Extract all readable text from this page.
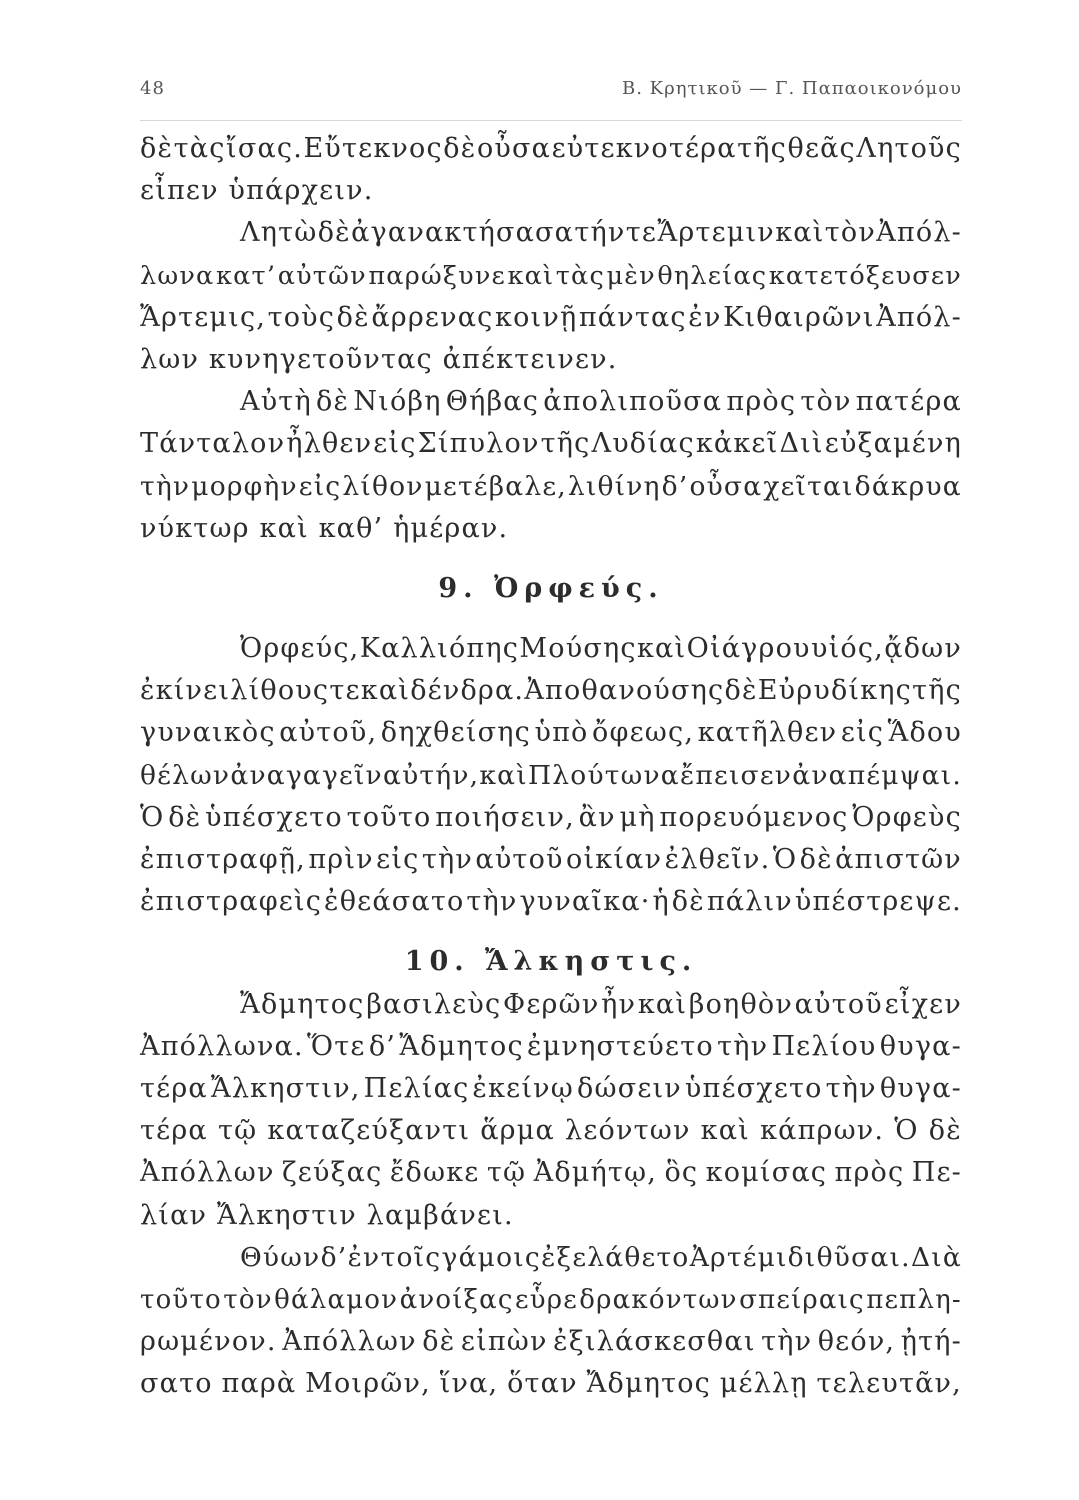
48	Β. Κρητικοῦ — Γ. Παπαοικονόμου
δὲ τὰς ἴσας. Εὔτεκνος δὲ οὖσα εὐτεκνοτέρα τῆς θεᾶς Λητοῦς
εἶπεν ὑπάρχειν.
Λητὼ δὲ ἀγανακτήσασα τήν τε Ἄρτεμιν καὶ τὸν Ἀπόλ-
λωνα κατ’ αὐτῶν παρώξυνε καὶ τὰς μὲν θηλείας κατετόξευσεν
Ἄρτεμις, τοὺς δὲ ἄρρενας κοινῇ πάντας ἐν Κιθαιρῶνι Ἀπόλ-
λων κυνηγετοῦντας ἀπέκτεινεν.
Αὐτὴ δὲ Νιόβη Θήβας ἀπολιποῦσα πρὸς τὸν πατέρα
Τάνταλον ἦλθεν εἰς Σίπυλον τῆς Λυδίας κἀκεῖ Διὶ εὐξαμένη
τὴν μορφὴν εἰς λίθον μετέβαλε, λιθίνη δ’ οὖσα χεῖται δάκρυα
νύκτωρ καὶ καθ’ ἡμέραν.
9. Ὀρφεύς.
Ὀρφεύς, Καλλιόπης Μούσης καὶ Οἰάγρου υἱός, ᾄδων
ἐκίνει λίθους τε καὶ δένδρα. Ἀποθανούσης δὲ Εὐρυδίκης τῆς
γυναικὸς αὐτοῦ, δηχθείσης ὑπὸ ὄφεως, κατῆλθεν εἰς Ἅδου
θέλων ἀναγαγεῖν αὐτήν, καὶ Πλούτωνα ἔπεισεν ἀναπέμψαι.
Ὁ δὲ ὑπέσχετο τοῦτο ποιήσειν, ἂν μὴ πορευόμενος Ὀρφεὺς
ἐπιστραφῇ, πρὶν εἰς τὴν αὐτοῦ οἰκίαν ἐλθεῖν. Ὁ δὲ ἀπιστῶν
ἐπιστραφεὶς ἐθεάσατο τὴν γυναῖκα· ἡ δὲ πάλιν ὑπέστρεψε.
10. Ἄλκηστις.
Ἄδμητος βασιλεὺς Φερῶν ἦν καὶ βοηθὸν αὐτοῦ εἶχεν
Ἀπόλλωνα. Ὅτε δ’ Ἄδμητος ἐμνηστεύετο τὴν Πελίου θυγα-
τέρα Ἄλκηστιν, Πελίας ἐκείνῳ δώσειν ὑπέσχετο τὴν θυγα-
τέρα τῷ καταζεύξαντι ἅρμα λεόντων καὶ κάπρων. Ὁ δὲ
Ἀπόλλων ζεύξας ἔδωκε τῷ Ἀδμήτῳ, ὃς κομίσας πρὸς Πε-
λίαν Ἄλκηστιν λαμβάνει.
Θύων δ’ ἐν τοῖς γάμοις ἐξελάθετο Ἀρτέμιδι θῦσαι. Διὰ
τοῦτο τὸν θάλαμον ἀνοίξας εὗρε δρακόντων σπείραις πεπλη-
ρωμένον. Ἀπόλλων δὲ εἰπὼν ἐξιλάσκεσθαι τὴν θεόν, ᾐτή-
σατο παρὰ Μοιρῶν, ἵνα, ὅταν Ἄδμητος μέλλῃ τελευτᾶν,
